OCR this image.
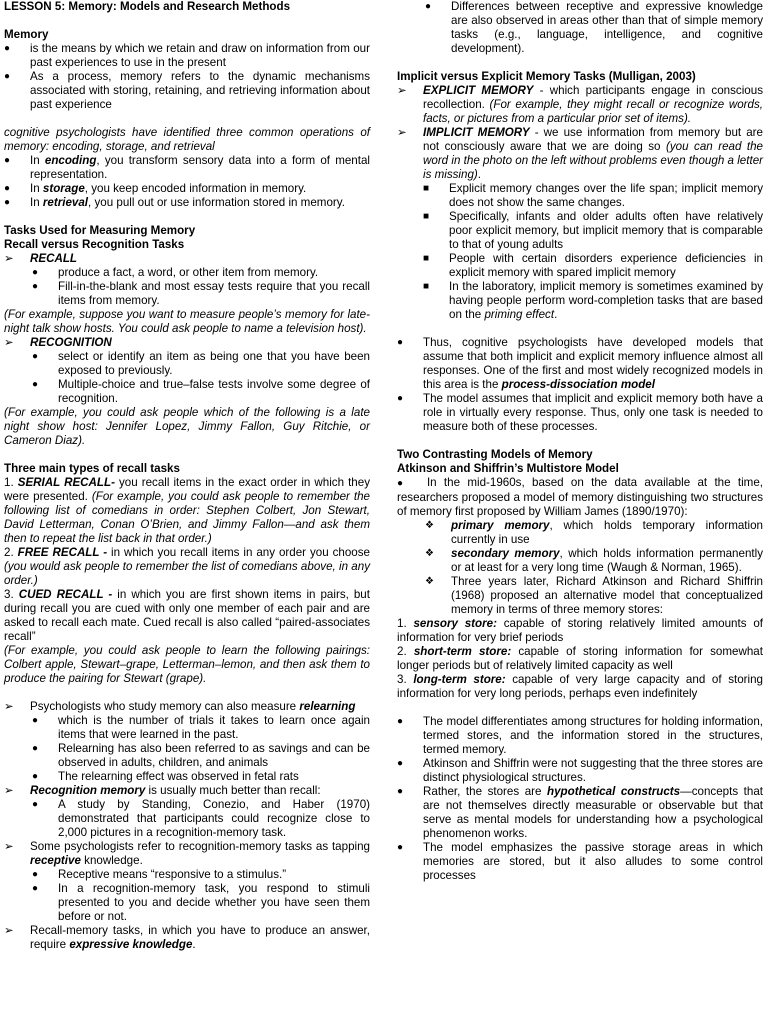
LESSON 5: Memory: Models and Research Methods

Memory

● is the means by which we retain and draw on information from our past experiences to use in the present
● As a process, memory refers to the dynamic mechanisms associated with storing, retaining, and retrieving information about past experience

cognitive psychologists have identified three common operations of memory: encoding, storage, and retrieval

● In encoding, you transform sensory data into a form of mental representation.
● In storage, you keep encoded information in memory.
● In retrieval, you pull out or use information stored in memory.

Tasks Used for Measuring Memory

Recall versus Recognition Tasks

➢ RECALL
● produce a fact, a word, or other item from memory.
● Fill-in-the-blank and most essay tests require that you recall items from memory.

(For example, suppose you want to measure people’s memory for late-night talk show hosts. You could ask people to name a television host).

➢ RECOGNITION
● select or identify an item as being one that you have been exposed to previously.
● Multiple-choice and true–false tests involve some degree of recognition.

(For example, you could ask people which of the following is a late night show host: Jennifer Lopez, Jimmy Fallon, Guy Ritchie, or Cameron Diaz).

Three main types of recall tasks

1. SERIAL RECALL- you recall items in the exact order in which they were presented. (For example, you could ask people to remember the following list of comedians in order: Stephen Colbert, Jon Stewart, David Letterman, Conan O’Brien, and Jimmy Fallon—and ask them then to repeat the list back in that order.)

2. FREE RECALL - in which you recall items in any order you choose (you would ask people to remember the list of comedians above, in any order.)

3. CUED RECALL - in which you are first shown items in pairs, but during recall you are cued with only one member of each pair and are asked to recall each mate. Cued recall is also called “paired-associates recall”

(For example, you could ask people to learn the following pairings: Colbert apple, Stewart–grape, Letterman–lemon, and then ask them to produce the pairing for Stewart (grape).

➢ Psychologists who study memory can also measure relearning
● which is the number of trials it takes to learn once again items that were learned in the past.
● Relearning has also been referred to as savings and can be observed in adults, children, and animals
● The relearning effect was observed in fetal rats
➢ Recognition memory is usually much better than recall:
● A study by Standing, Conezio, and Haber (1970) demonstrated that participants could recognize close to 2,000 pictures in a recognition-memory task.
➢ Some psychologists refer to recognition-memory tasks as tapping receptive knowledge.
● Receptive means “responsive to a stimulus.”
● In a recognition-memory task, you respond to stimuli presented to you and decide whether you have seen them before or not.
➢ Recall-memory tasks, in which you have to produce an answer, require expressive knowledge.
● Differences between receptive and expressive knowledge are also observed in areas other than that of simple memory tasks (e.g., language, intelligence, and cognitive development).

Implicit versus Explicit Memory Tasks (Mulligan, 2003)

➢ EXPLICIT MEMORY - which participants engage in conscious recollection. (For example, they might recall or recognize words, facts, or pictures from a particular prior set of items).
➢ IMPLICIT MEMORY - we use information from memory but are not consciously aware that we are doing so (you can read the word in the photo on the left without problems even though a letter is missing).
■ Explicit memory changes over the life span; implicit memory does not show the same changes.
■ Specifically, infants and older adults often have relatively poor explicit memory, but implicit memory that is comparable to that of young adults
■ People with certain disorders experience deficiencies in explicit memory with spared implicit memory
■ In the laboratory, implicit memory is sometimes examined by having people perform word-completion tasks that are based on the priming effect.
● Thus, cognitive psychologists have developed models that assume that both implicit and explicit memory influence almost all responses. One of the first and most widely recognized models in this area is the process-dissociation model
● The model assumes that implicit and explicit memory both have a role in virtually every response. Thus, only one task is needed to measure both of these processes.

Two Contrasting Models of Memory

Atkinson and Shiffrin’s Multistore Model

● In the mid-1960s, based on the data available at the time, researchers proposed a model of memory distinguishing two structures of memory first proposed by William James (1890/1970):

❖ primary memory, which holds temporary information currently in use
❖ secondary memory, which holds information permanently or at least for a very long time (Waugh & Norman, 1965).
❖ Three years later, Richard Atkinson and Richard Shiffrin (1968) proposed an alternative model that conceptualized memory in terms of three memory stores:

1. sensory store: capable of storing relatively limited amounts of information for very brief periods

2. short-term store: capable of storing information for somewhat longer periods but of relatively limited capacity as well

3. long-term store: capable of very large capacity and of storing information for very long periods, perhaps even indefinitely

● The model differentiates among structures for holding information, termed stores, and the information stored in the structures, termed memory.
● Atkinson and Shiffrin were not suggesting that the three stores are distinct physiological structures.
● Rather, the stores are hypothetical constructs—concepts that are not themselves directly measurable or observable but that serve as mental models for understanding how a psychological phenomenon works.
● The model emphasizes the passive storage areas in which memories are stored, but it also alludes to some control processes
